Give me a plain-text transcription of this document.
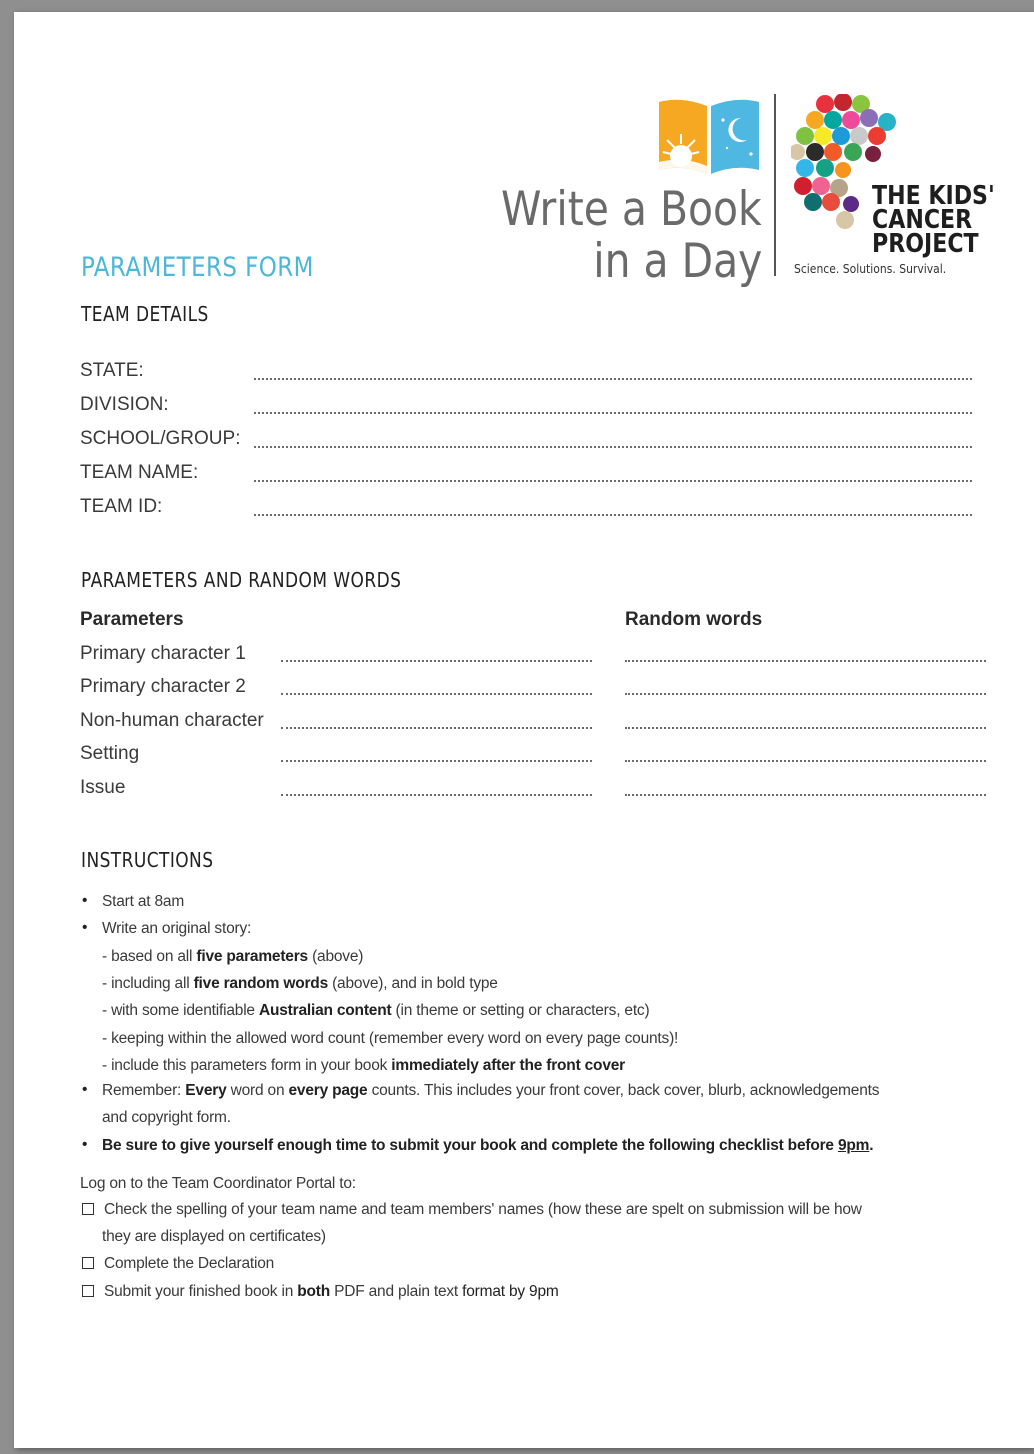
Write a Book
in a Day
THE KIDS'
CANCER
PROJECT
Science. Solutions. Survival.
PARAMETERS FORM
TEAM DETAILS
STATE:
DIVISION:
SCHOOL/GROUP:
TEAM NAME:
TEAM ID:
PARAMETERS AND RANDOM WORDS
Parameters	Random words
Primary character 1
Primary character 2
Non-human character
Setting
Issue
INSTRUCTIONS
• Start at 8am
• Write an original story:
- based on all five parameters (above)
- including all five random words (above), and in bold type
- with some identifiable Australian content (in theme or setting or characters, etc)
- keeping within the allowed word count (remember every word on every page counts)!
- include this parameters form in your book immediately after the front cover
• Remember: Every word on every page counts. This includes your front cover, back cover, blurb, acknowledgements
and copyright form.
• Be sure to give yourself enough time to submit your book and complete the following checklist before 9pm.
Log on to the Team Coordinator Portal to:
Check the spelling of your team name and team members' names (how these are spelt on submission will be how
they are displayed on certificates)
Complete the Declaration
Submit your finished book in both PDF and plain text format by 9pm
